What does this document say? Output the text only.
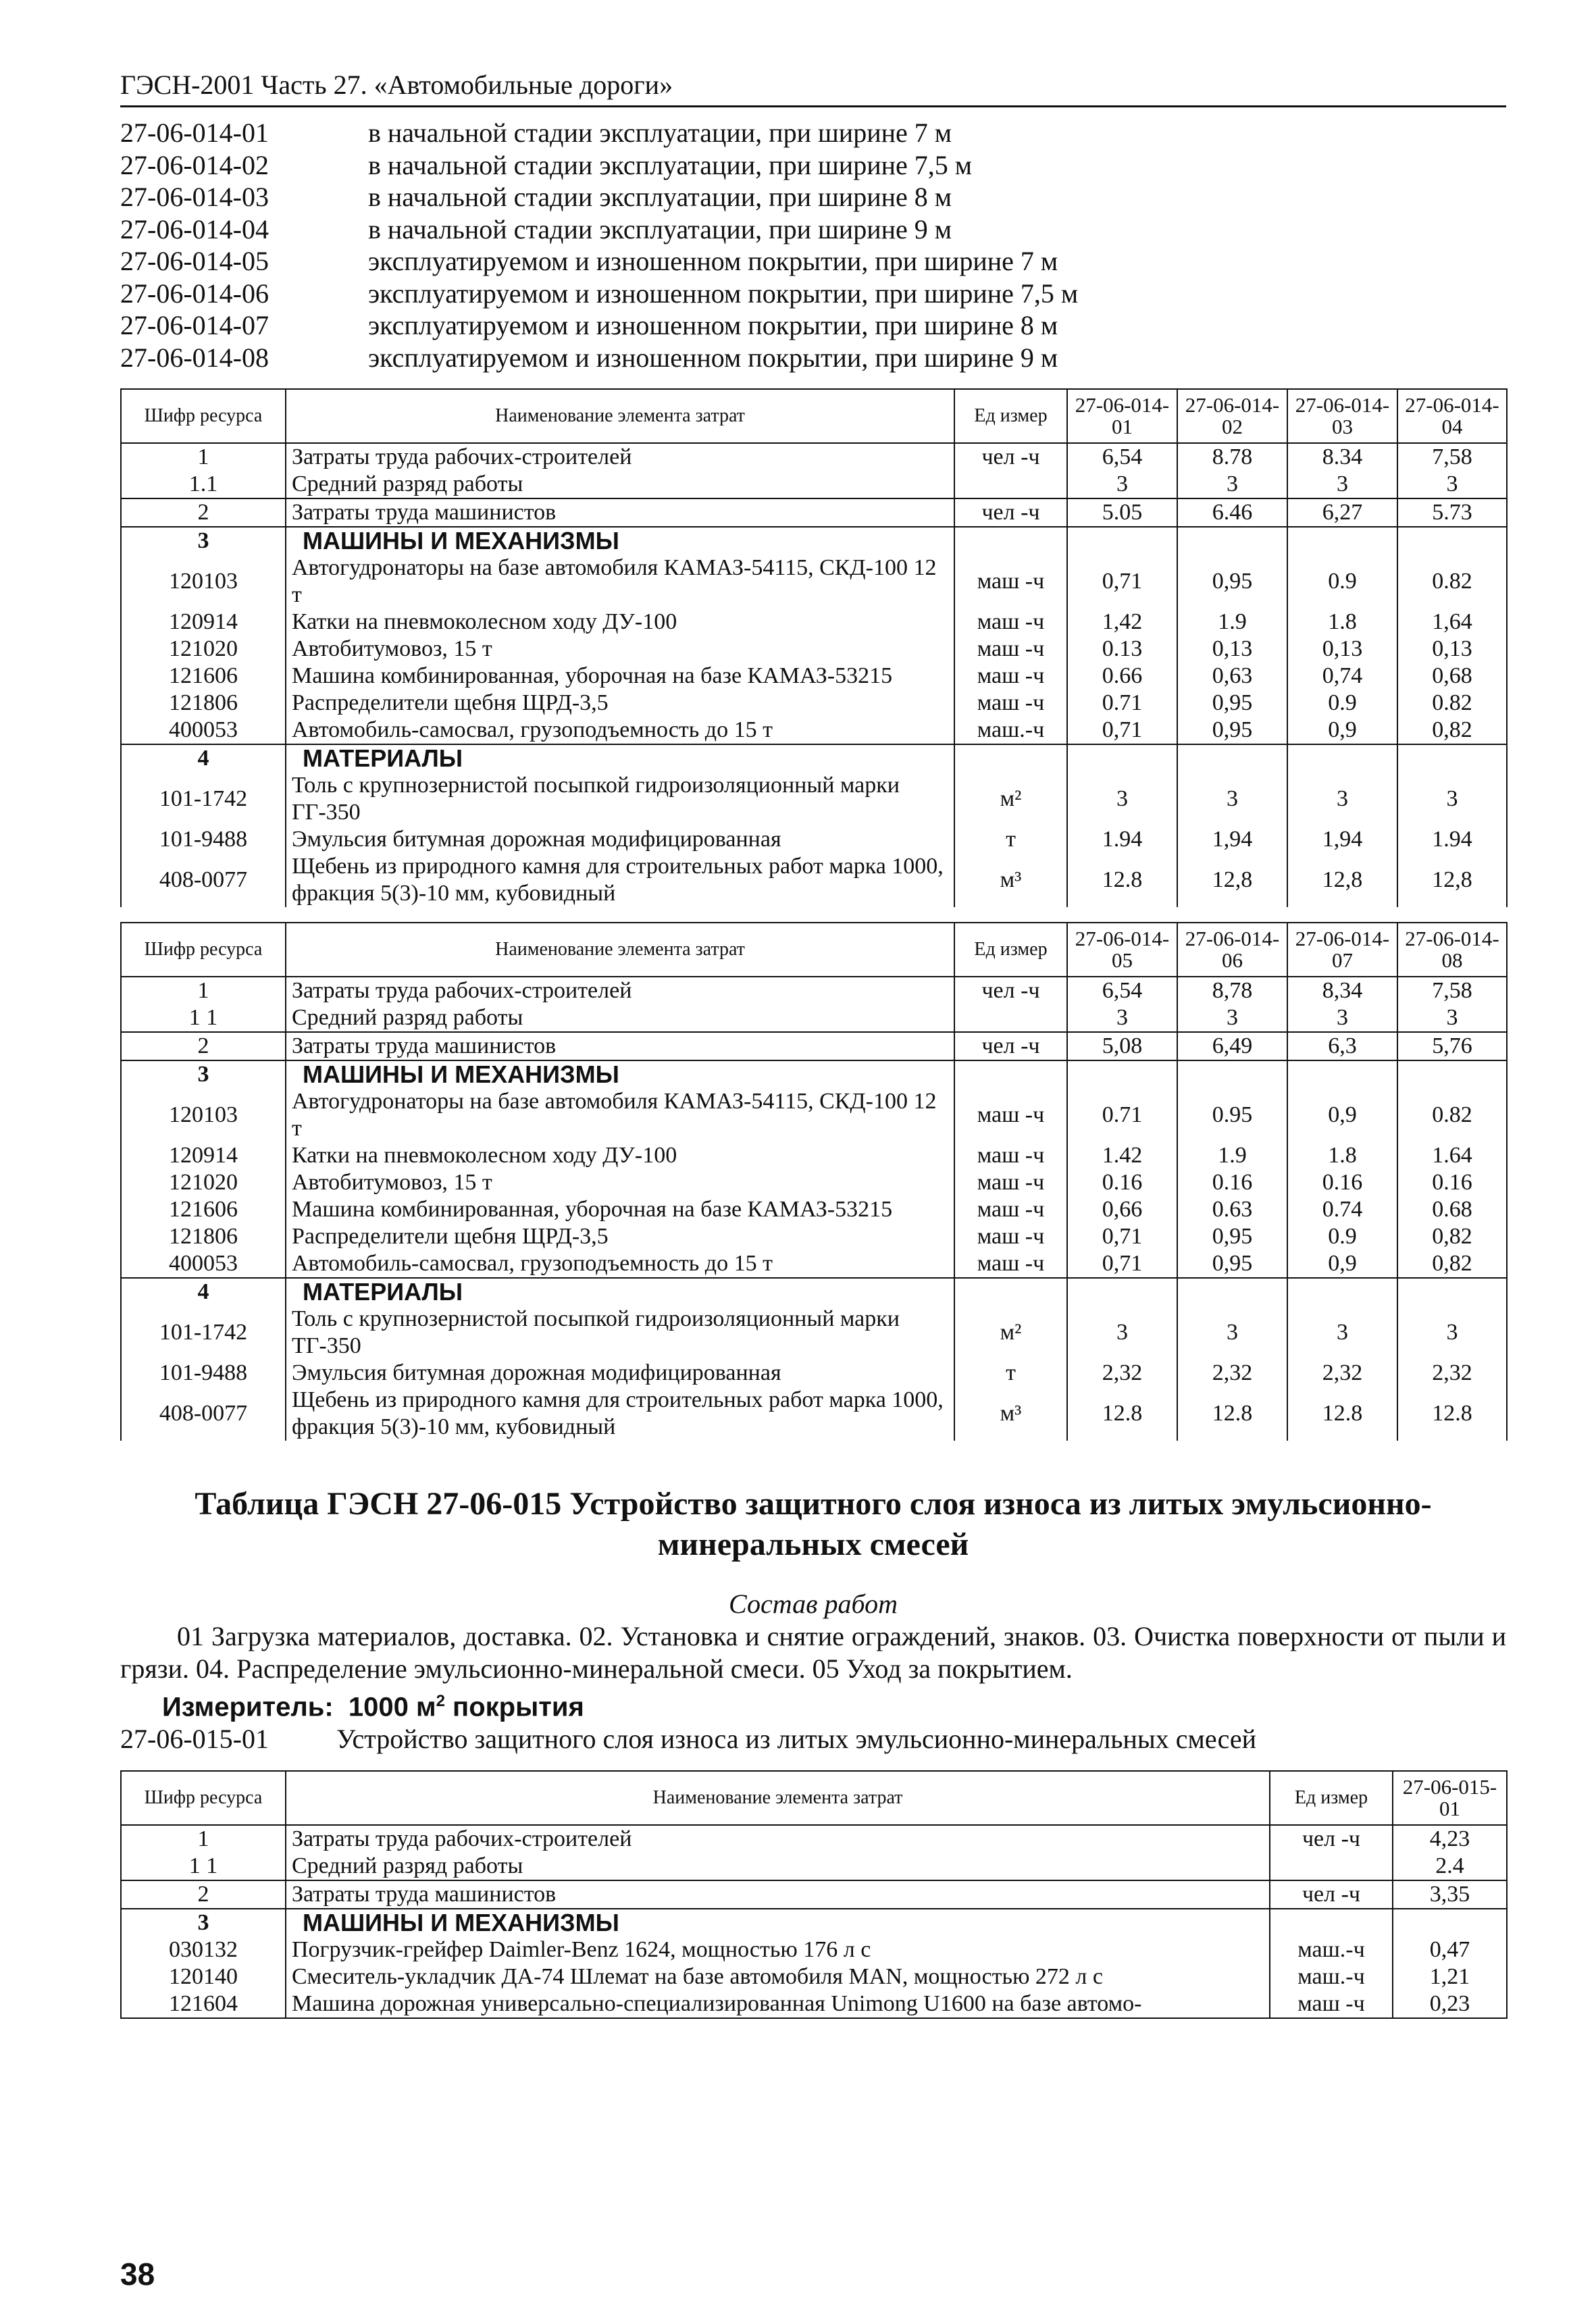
ГЭСН-2001 Часть 27. «Автомобильные дороги»
27-06-014-01	в начальной стадии эксплуатации, при ширине 7 м
27-06-014-02	в начальной стадии эксплуатации, при ширине 7,5 м
27-06-014-03	в начальной стадии эксплуатации, при ширине 8 м
27-06-014-04	в начальной стадии эксплуатации, при ширине 9 м
27-06-014-05	эксплуатируемом и изношенном покрытии, при ширине 7 м
27-06-014-06	эксплуатируемом и изношенном покрытии, при ширине 7,5 м
27-06-014-07	эксплуатируемом и изношенном покрытии, при ширине 8 м
27-06-014-08	эксплуатируемом и изношенном покрытии, при ширине 9 м
Шифр ресурса	Наименование элемента затрат	Ед измер	27-06-014-01	27-06-014-02	27-06-014-03	27-06-014-04
1	Затраты труда рабочих-строителей	чел -ч	6,54	8.78	8.34	7,58
1.1	Средний разряд работы		3	3	3	3
2	Затраты труда машинистов	чел -ч	5.05	6.46	6,27	5.73
3	МАШИНЫ И МЕХАНИЗМЫ					
120103	Автогудронаторы на базе автомобиля КАМАЗ-54115, СКД-100 12 т	маш -ч	0,71	0,95	0.9	0.82
120914	Катки на пневмоколесном ходу ДУ-100	маш -ч	1,42	1.9	1.8	1,64
121020	Автобитумовоз, 15 т	маш -ч	0.13	0,13	0,13	0,13
121606	Машина комбинированная, уборочная на базе КАМАЗ-53215	маш -ч	0.66	0,63	0,74	0,68
121806	Распределители щебня ЩРД-3,5	маш -ч	0.71	0,95	0.9	0.82
400053	Автомобиль-самосвал, грузоподъемность до 15 т	маш.-ч	0,71	0,95	0,9	0,82
4	МАТЕРИАЛЫ					
101-1742	Толь с крупнозернистой посыпкой гидроизоляционный марки ГГ-350	м²	3	3	3	3
101-9488	Эмульсия битумная дорожная модифицированная	т	1.94	1,94	1,94	1.94
408-0077	Щебень из природного камня для строительных работ марка 1000, фракция 5(3)-10 мм, кубовидный	м³	12.8	12,8	12,8	12,8
Шифр ресурса	Наименование элемента затрат	Ед измер	27-06-014-05	27-06-014-06	27-06-014-07	27-06-014-08
1	Затраты труда рабочих-строителей	чел -ч	6,54	8,78	8,34	7,58
1 1	Средний разряд работы		3	3	3	3
2	Затраты труда машинистов	чел -ч	5,08	6,49	6,3	5,76
3	МАШИНЫ И МЕХАНИЗМЫ					
120103	Автогудронаторы на базе автомобиля КАМАЗ-54115, СКД-100 12 т	маш -ч	0.71	0.95	0,9	0.82
120914	Катки на пневмоколесном ходу ДУ-100	маш -ч	1.42	1.9	1.8	1.64
121020	Автобитумовоз, 15 т	маш -ч	0.16	0.16	0.16	0.16
121606	Машина комбинированная, уборочная на базе КАМАЗ-53215	маш -ч	0,66	0.63	0.74	0.68
121806	Распределители щебня ЩРД-3,5	маш -ч	0,71	0,95	0.9	0,82
400053	Автомобиль-самосвал, грузоподъемность до 15 т	маш -ч	0,71	0,95	0,9	0,82
4	МАТЕРИАЛЫ					
101-1742	Толь с крупнозернистой посыпкой гидроизоляционный марки ТГ-350	м²	3	3	3	3
101-9488	Эмульсия битумная дорожная модифицированная	т	2,32	2,32	2,32	2,32
408-0077	Щебень из природного камня для строительных работ марка 1000, фракция 5(3)-10 мм, кубовидный	м³	12.8	12.8	12.8	12.8
Таблица ГЭСН 27-06-015 Устройство защитного слоя износа из литых эмульсионно-
минеральных смесей
Состав работ
01 Загрузка материалов, доставка. 02. Установка и снятие ограждений, знаков. 03. Очистка поверхности от пыли и грязи. 04. Распределение эмульсионно-минеральной смеси. 05 Уход за покрытием.
Измеритель: 1000 $м^2$ покрытия
27-06-015-01	Устройство защитного слоя износа из литых эмульсионно-минеральных смесей
Шифр ресурса	Наименование элемента затрат	Ед измер	27-06-015-01
1	Затраты труда рабочих-строителей	чел -ч	4,23
1 1	Средний разряд работы		2.4
2	Затраты труда машинистов	чел -ч	3,35
3	МАШИНЫ И МЕХАНИЗМЫ		
030132	Погрузчик-грейфер Daimler-Benz 1624, мощностью 176 л с	маш.-ч	0,47
120140	Смеситель-укладчик ДА-74 Шлемат на базе автомобиля MAN, мощностью 272 л с	маш.-ч	1,21
121604	Машина дорожная универсально-специализированная Unimong U1600 на базе автомо-	маш -ч	0,23
38
